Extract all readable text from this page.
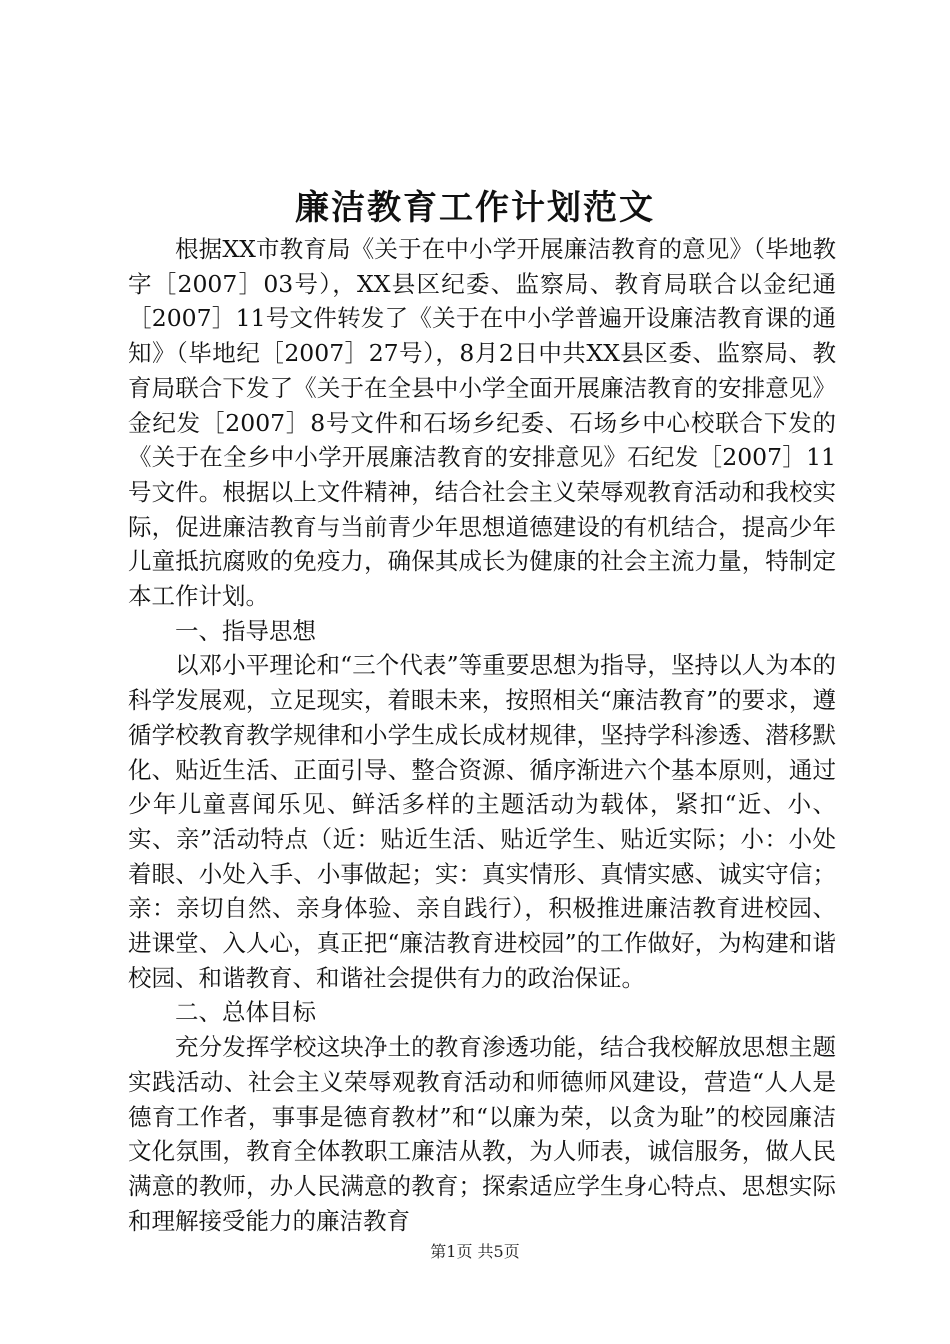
廉洁教育工作计划范文

根据XX市教育局《关于在中小学开展廉洁教育的意见》（毕地教字［2007］03号），XX县区纪委、监察局、教育局联合以金纪通［2007］11号文件转发了《关于在中小学普遍开设廉洁教育课的通知》（毕地纪［2007］27号），8月2日中共XX县区委、监察局、教育局联合下发了《关于在全县中小学全面开展廉洁教育的安排意见》金纪发［2007］8号文件和石场乡纪委、石场乡中心校联合下发的《关于在全乡中小学开展廉洁教育的安排意见》石纪发［2007］11号文件。根据以上文件精神，结合社会主义荣辱观教育活动和我校实际，促进廉洁教育与当前青少年思想道德建设的有机结合，提高少年儿童抵抗腐败的免疫力，确保其成长为健康的社会主流力量，特制定本工作计划。

一、指导思想

以邓小平理论和“三个代表”等重要思想为指导，坚持以人为本的科学发展观，立足现实，着眼未来，按照相关“廉洁教育”的要求，遵循学校教育教学规律和小学生成长成材规律，坚持学科渗透、潜移默化、贴近生活、正面引导、整合资源、循序渐进六个基本原则，通过少年儿童喜闻乐见、鲜活多样的主题活动为载体，紧扣“近、小、实、亲”活动特点（近：贴近生活、贴近学生、贴近实际；小：小处着眼、小处入手、小事做起；实：真实情形、真情实感、诚实守信；亲：亲切自然、亲身体验、亲自践行），积极推进廉洁教育进校园、进课堂、入人心，真正把“廉洁教育进校园”的工作做好，为构建和谐校园、和谐教育、和谐社会提供有力的政治保证。

二、总体目标

充分发挥学校这块净土的教育渗透功能，结合我校解放思想主题实践活动、社会主义荣辱观教育活动和师德师风建设，营造“人人是德育工作者，事事是德育教材”和“以廉为荣，以贪为耻”的校园廉洁文化氛围，教育全体教职工廉洁从教，为人师表，诚信服务，做人民满意的教师，办人民满意的教育；探索适应学生身心特点、思想实际和理解接受能力的廉洁教育

第1页 共5页
